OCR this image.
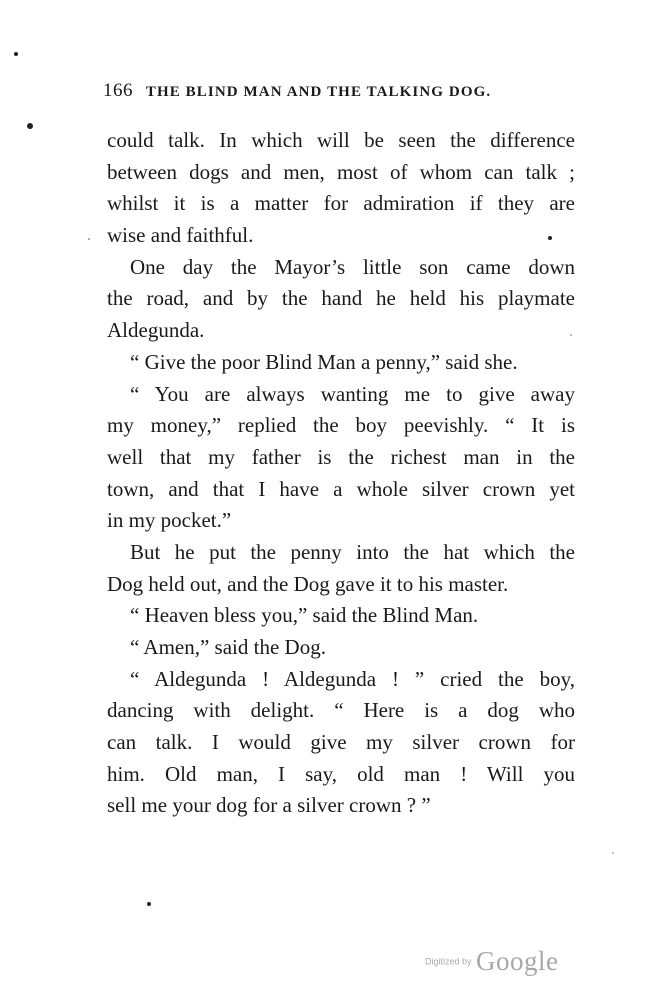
166 THE BLIND MAN AND THE TALKING DOG.
could talk. In which will be seen the difference
between dogs and men, most of whom can talk ;
whilst it is a matter for admiration if they are
wise and faithful.
One day the Mayor’s little son came down
the road, and by the hand he held his playmate
Aldegunda.
“ Give the poor Blind Man a penny,” said she.
“ You are always wanting me to give away
my money,” replied the boy peevishly. “ It is
well that my father is the richest man in the
town, and that I have a whole silver crown yet
in my pocket.”
But he put the penny into the hat which the
Dog held out, and the Dog gave it to his master.
“ Heaven bless you,” said the Blind Man.
“ Amen,” said the Dog.
“ Aldegunda ! Aldegunda ! ” cried the boy,
dancing with delight. “ Here is a dog who
can talk. I would give my silver crown for
him. Old man, I say, old man ! Will you
sell me your dog for a silver crown ? ”
Digitized by Google
